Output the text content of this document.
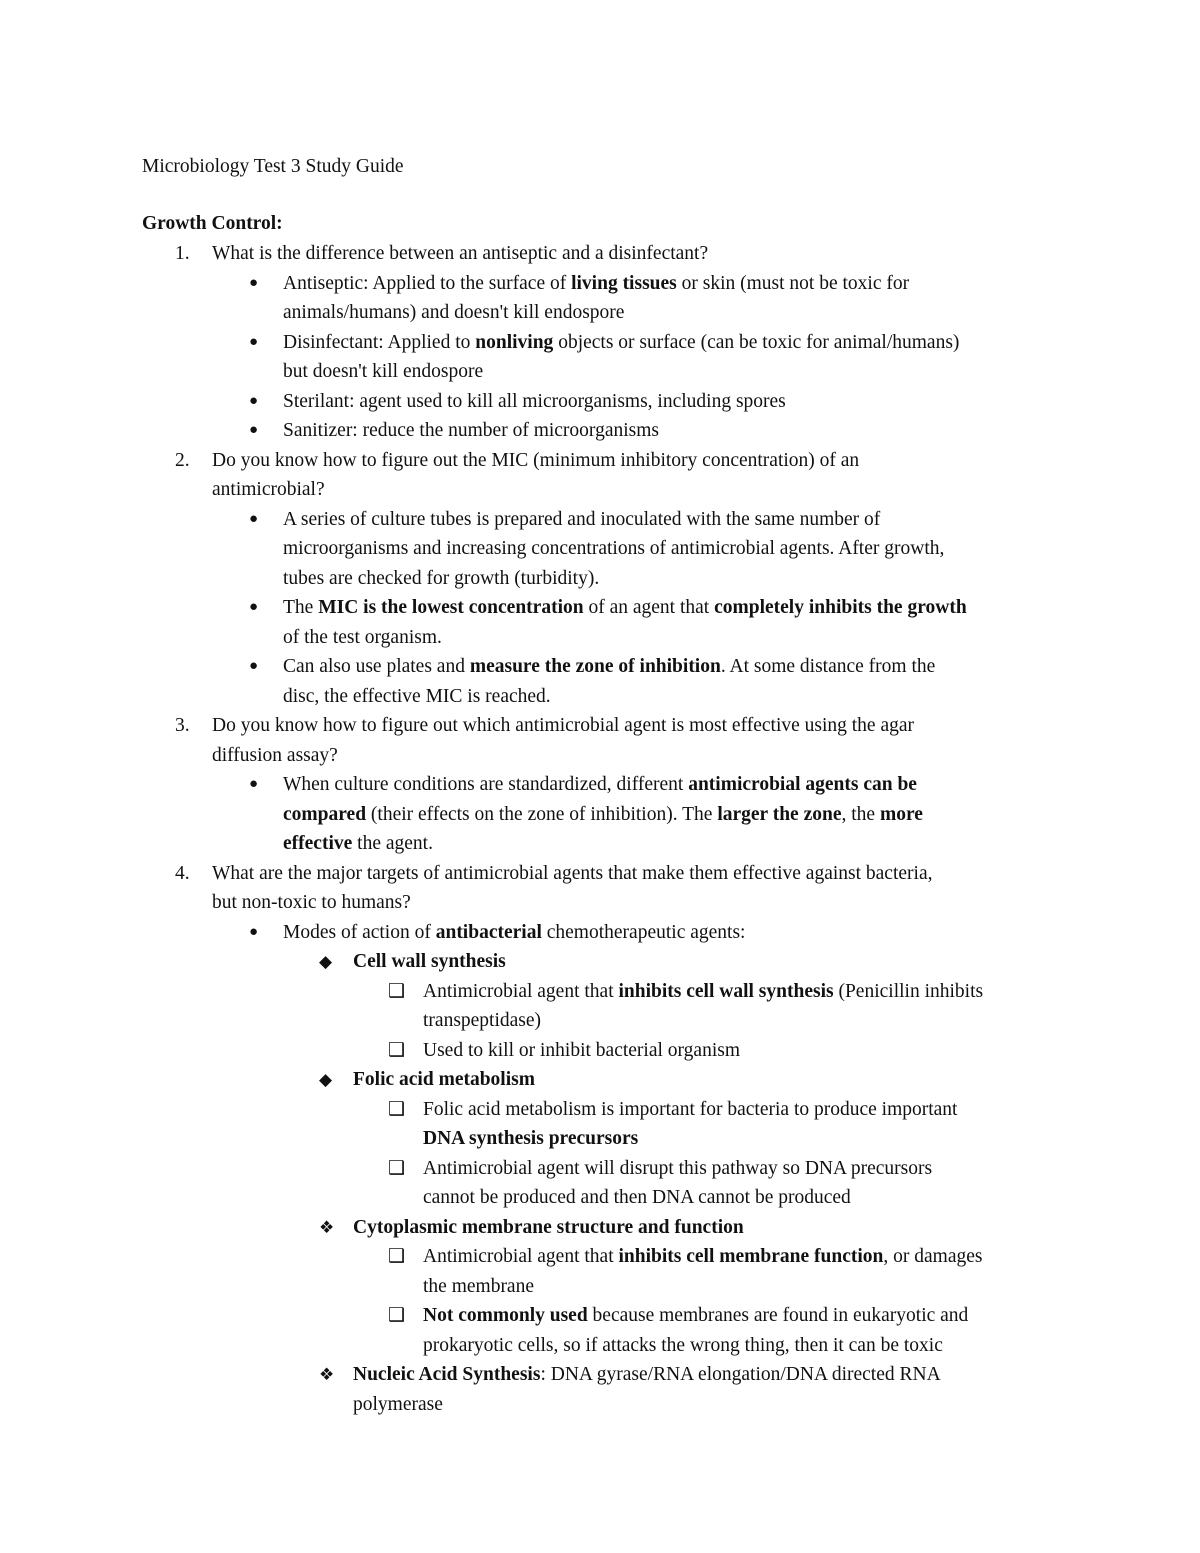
Microbiology Test 3 Study Guide
Growth Control:
1. What is the difference between an antiseptic and a disinfectant?
● Antiseptic: Applied to the surface of living tissues or skin (must not be toxic for
animals/humans) and doesn't kill endospore
● Disinfectant: Applied to nonliving objects or surface (can be toxic for animal/humans)
but doesn't kill endospore
● Sterilant: agent used to kill all microorganisms, including spores
● Sanitizer: reduce the number of microorganisms
2. Do you know how to figure out the MIC (minimum inhibitory concentration) of an
antimicrobial?
● A series of culture tubes is prepared and inoculated with the same number of
microorganisms and increasing concentrations of antimicrobial agents. After growth,
tubes are checked for growth (turbidity).
● The MIC is the lowest concentration of an agent that completely inhibits the growth
of the test organism.
● Can also use plates and measure the zone of inhibition. At some distance from the
disc, the effective MIC is reached.
3. Do you know how to figure out which antimicrobial agent is most effective using the agar
diffusion assay?
● When culture conditions are standardized, different antimicrobial agents can be
compared (their effects on the zone of inhibition). The larger the zone, the more
effective the agent.
4. What are the major targets of antimicrobial agents that make them effective against bacteria,
but non-toxic to humans?
● Modes of action of antibacterial chemotherapeutic agents:
◆ Cell wall synthesis
❑ Antimicrobial agent that inhibits cell wall synthesis (Penicillin inhibits
transpeptidase)
❑ Used to kill or inhibit bacterial organism
◆ Folic acid metabolism
❑ Folic acid metabolism is important for bacteria to produce important
DNA synthesis precursors
❑ Antimicrobial agent will disrupt this pathway so DNA precursors
cannot be produced and then DNA cannot be produced
❖ Cytoplasmic membrane structure and function
❑ Antimicrobial agent that inhibits cell membrane function, or damages
the membrane
❑ Not commonly used because membranes are found in eukaryotic and
prokaryotic cells, so if attacks the wrong thing, then it can be toxic
❖ Nucleic Acid Synthesis: DNA gyrase/RNA elongation/DNA directed RNA
polymerase
